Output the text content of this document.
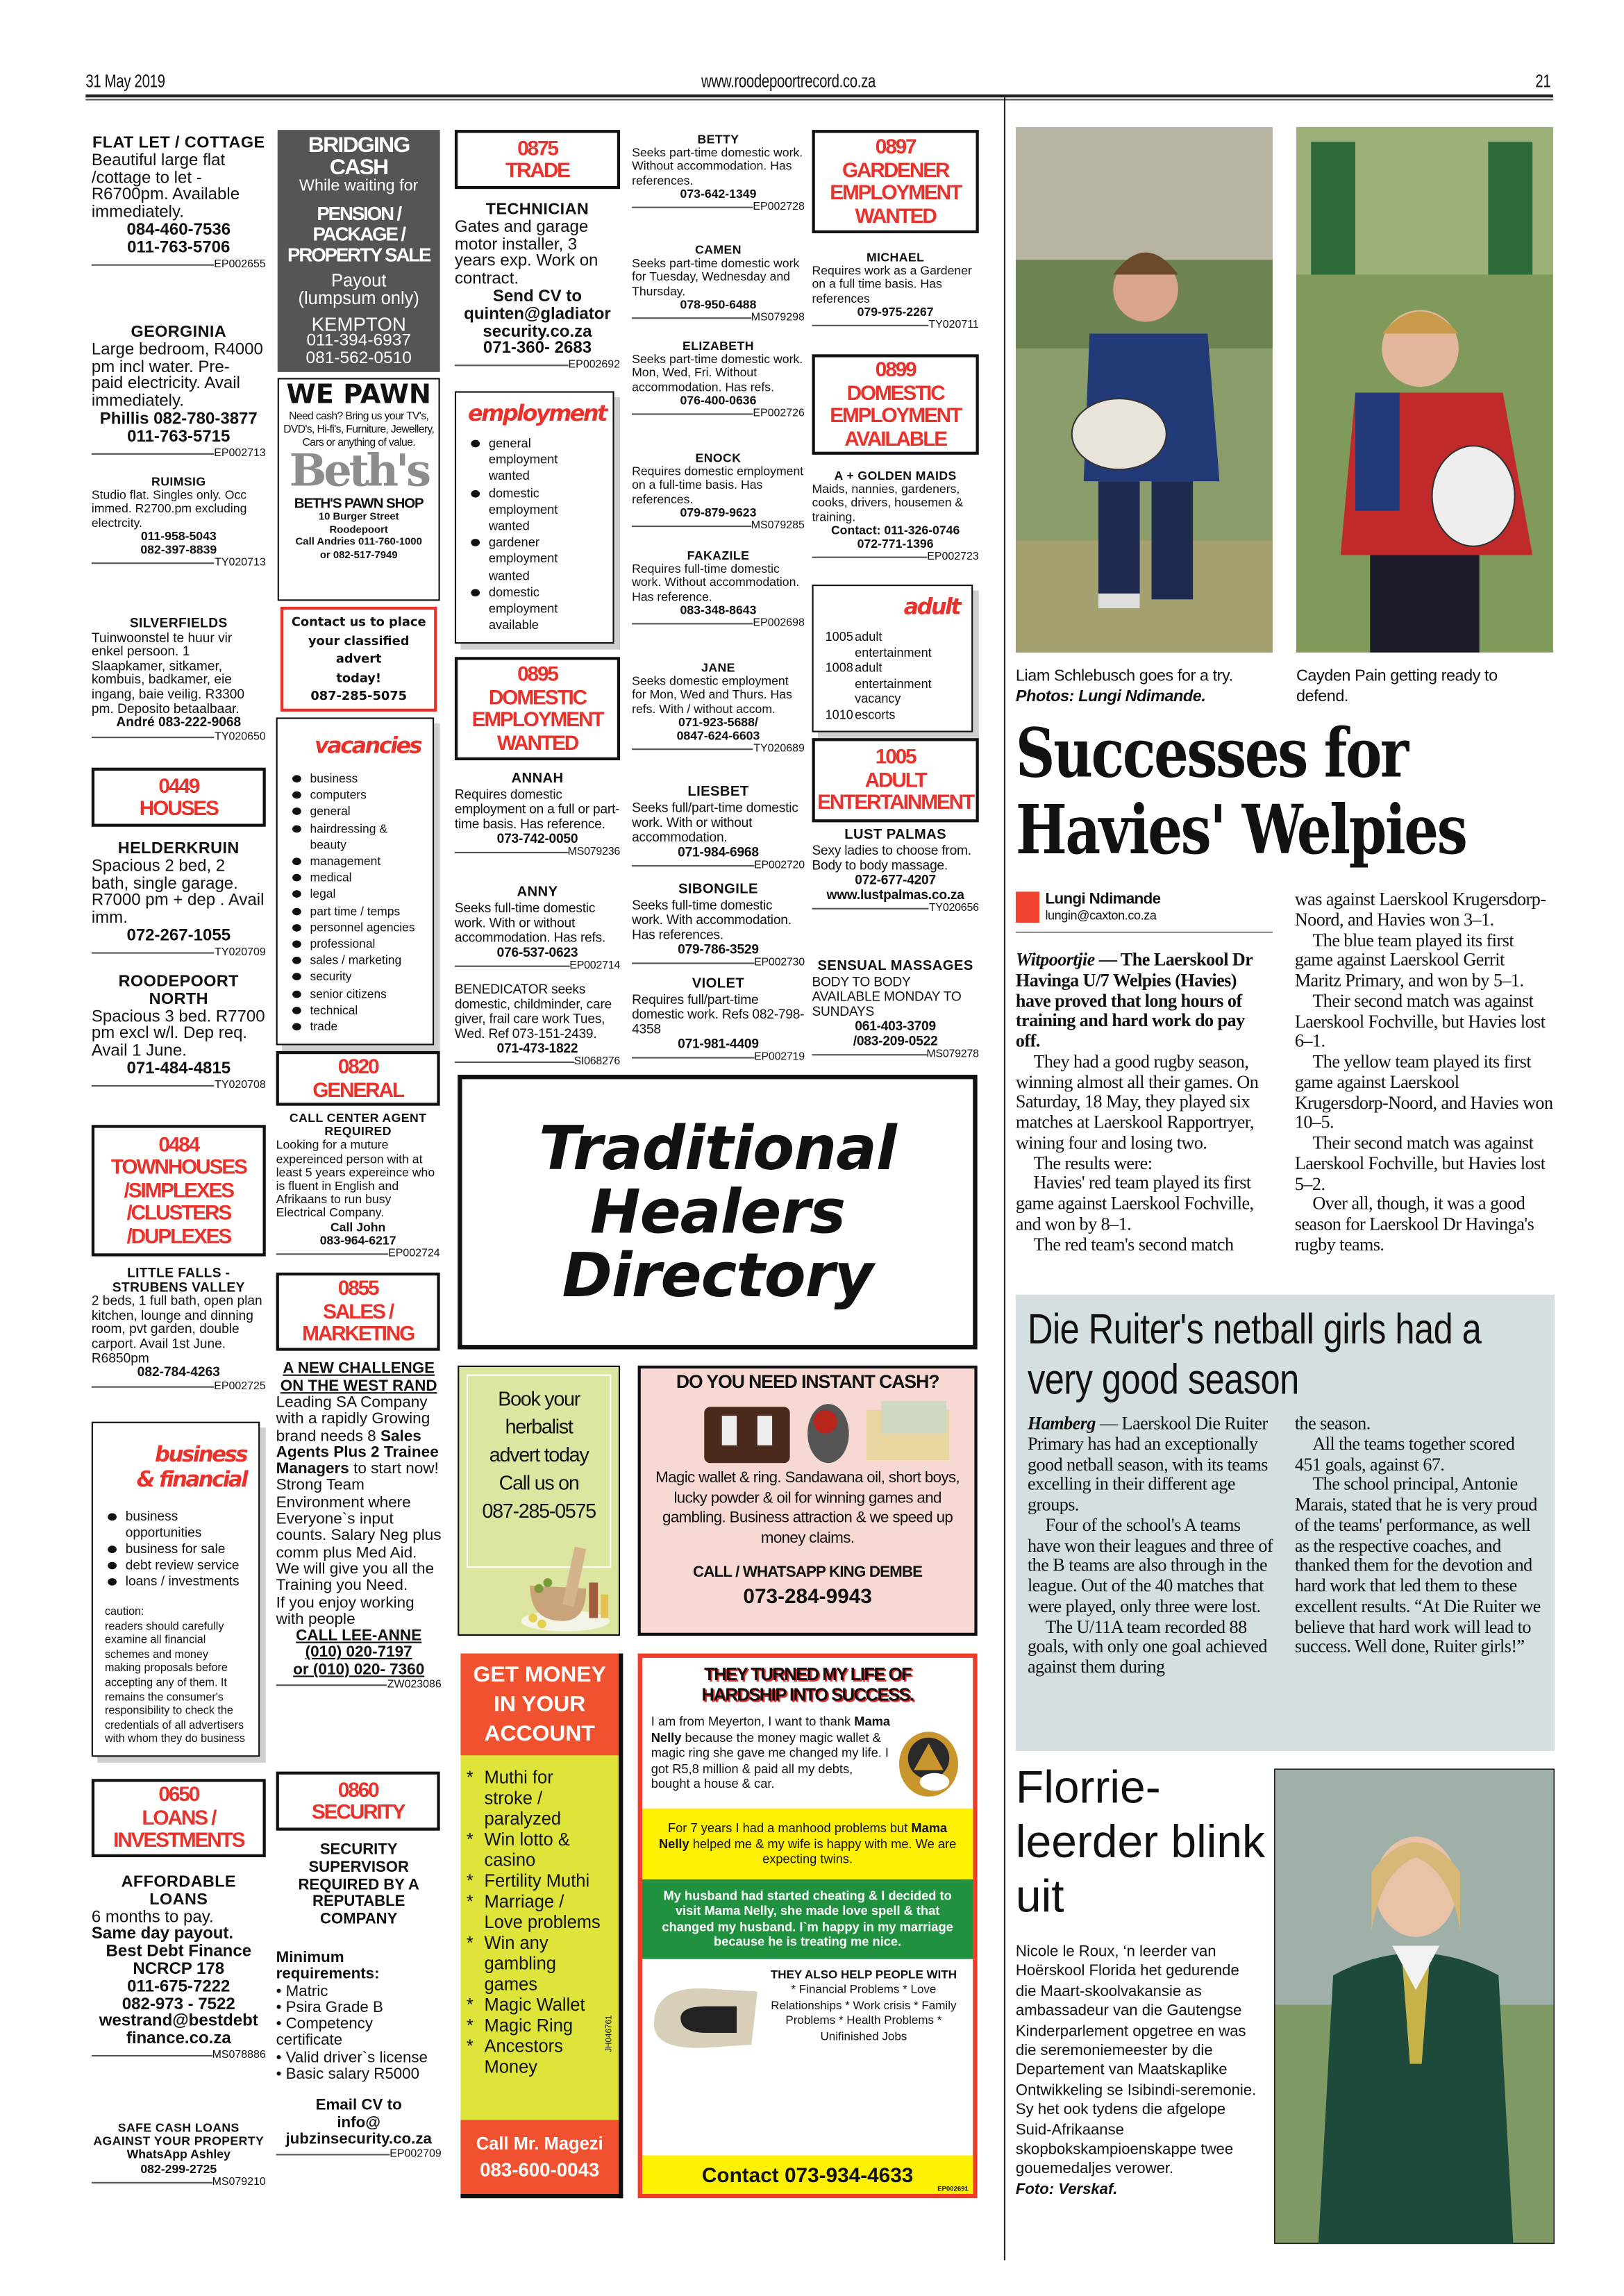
31 May 2019	www.roodepoortrecord.co.za	21
FLAT LET / COTTAGE
Beautiful large flat /cottage to let - R6700pm. Available immediately.
084-460-7536
011-763-5706
EP002655
GEORGINIA
Large bedroom, R4000 pm incl water. Pre- paid electricity. Avail immediately.
Phillis 082-780-3877
011-763-5715
EP002713
RUIMSIG
Studio flat. Singles only. Occ immed. R2700.pm excluding electrcity.
011-958-5043
082-397-8839
TY020713
SILVERFIELDS
Tuinwoonstel te huur vir enkel persoon. 1 Slaapkamer, sitkamer, kombuis, badkamer, eie ingang, baie veilig. R3300 pm. Deposito betaalbaar.
André 083-222-9068
TY020650
0449
HOUSES
HELDERKRUIN
Spacious 2 bed, 2 bath, single garage. R7000 pm + dep . Avail imm.
072-267-1055
TY020709
ROODEPOORT NORTH
Spacious 3 bed. R7700 pm excl w/l. Dep req. Avail 1 June.
071-484-4815
TY020708
0484
TOWNHOUSES
/SIMPLEXES
/CLUSTERS
/DUPLEXES
LITTLE FALLS - STRUBENS VALLEY
2 beds, 1 full bath, open plan kitchen, lounge and dinning room, pvt garden, double carport. Avail 1st June. R6850pm
082-784-4263
EP002725
business & financial
business opportunities
business for sale
debt review service
loans / investments
caution:
readers should carefully examine all financial schemes and money making proposals before accepting any of them. It remains the consumer's responsibility to check the credentials of all advertisers with whom they do business
0650
LOANS /
INVESTMENTS
AFFORDABLE LOANS
6 months to pay.
Same day payout.
Best Debt Finance
NCRCP 178
011-675-7222
082-973 - 7522
westrand@bestdebt finance.co.za
MS078886
SAFE CASH LOANS AGAINST YOUR PROPERTY
WhatsApp Ashley
082-299-2725
MS079210
vacancies
business
computers
general
hairdressing & beauty
management
medical
legal
part time / temps
personnel agencies
professional
sales / marketing
security
senior citizens
technical
trade
0820
GENERAL
CALL CENTER AGENT REQUIRED
Looking for a muture expereinced person with at least 5 years expereince who is fluent in English and Afrikaans to run busy Electrical Company.
Call John
083-964-6217
EP002724
0855
SALES / MARKETING
0860
SECURITY
0875
TRADE
TECHNICIAN
Gates and garage motor installer, 3 years exp. Work on contract.
Send CV to
quinten@gladiator security.co.za
071-360- 2683
EP002692
employment
general employment wanted
domestic employment wanted
gardener employment wanted
domestic employment available
0895
DOMESTIC
EMPLOYMENT
WANTED
ANNAH
Requires domestic employment on a full or part-time basis. Has reference.
073-742-0050
MS079236
ANNY
Seeks full-time domestic work. With or without accommodation. Has refs.
076-537-0623
EP002714
BENEDICATOR seeks domestic, childminder, care giver, frail care work Tues, Wed. Ref 073-151-2439.
071-473-1822
SI068276
BETTY
Seeks part-time domestic work. Without accommodation. Has references.
073-642-1349
EP002728
CAMEN
Seeks part-time domestic work for Tuesday, Wednesday and Thursday.
078-950-6488
MS079298
ELIZABETH
Seeks part-time domestic work. Mon, Wed, Fri. Without accommodation. Has refs.
076-400-0636
EP002726
ENOCK
Requires domestic employment on a full-time basis. Has references.
079-879-9623
MS079285
FAKAZILE
Requires full-time domestic work. Without accommodation. Has reference.
083-348-8643
EP002698
JANE
Seeks domestic employment for Mon, Wed and Thurs. Has refs. With / without accom.
071-923-5688/
0847-624-6603
TY020689
LIESBET
Seeks full/part-time domestic work. With or without accommodation.
071-984-6968
EP002720
SIBONGILE
Seeks full-time domestic work. With accommodation. Has references.
079-786-3529
EP002730
VIOLET
Requires full/part-time domestic work. Refs 082-798- 4358
071-981-4409
EP002719
0897
GARDENER
EMPLOYMENT
WANTED
MICHAEL
Requires work as a Gardener on a full time basis. Has references
079-975-2267
TY020711
0899
DOMESTIC
EMPLOYMENT
AVAILABLE
A + GOLDEN MAIDS
Maids, nannies, gardeners, cooks, drivers, housemen & training.
Contact: 011-326-0746
072-771-1396
EP002723
adult
1005 adult entertainment
1008 adult entertainment vacancy
1010 escorts
1005
ADULT
ENTERTAINMENT
LUST PALMAS
Sexy ladies to choose from. Body to body massage.
072-677-4207
www.lustpalmas.co.za
TY020656
SENSUAL MASSAGES
BODY TO BODY AVAILABLE MONDAY TO SUNDAYS
061-403-3709
/083-209-0522
MS079278
BRIDGING CASH
While waiting for
PENSION / PACKAGE /
PROPERTY SALE
Payout
(lumpsum only)
KEMPTON
011-394-6937
081-562-0510
WE PAWN
Need cash? Bring us your TV's, DVD's, Hi-fi's, Furniture, Jewellery, Cars or anything of value.
Beth's
BETH'S PAWN SHOP
10 Burger Street
Roodepoort
Call Andries 011-760-1000
or 082-517-7949
Contact us to place
your classified advert
today!
087-285-5075
A NEW CHALLENGE ON THE WEST RAND
Leading SA Company with a rapidly Growing brand needs 8 Sales Agents Plus 2 Trainee Managers to start now! Strong Team Environment where Everyone`s input counts. Salary Neg plus comm plus Med Aid. We will give you all the Training you Need.
If you enjoy working with people
CALL LEE-ANNE
(010) 020-7197
or (010) 020- 7360
ZW023086
SECURITY SUPERVISOR REQUIRED BY A REPUTABLE COMPANY
Minimum requirements:
• Matric
• Psira Grade B
• Competency certificate
• Valid driver`s license
• Basic salary R5000
Email CV to
info@
jubzinsecurity.co.za
EP002709
Traditional
Healers
Directory
Book your
herbalist
advert today
Call us on
087-285-0575
DO YOU NEED INSTANT CASH?
Magic wallet & ring. Sandawana oil, short boys, lucky powder & oil for winning games and gambling. Business attraction & we speed up money claims.
CALL / WHATSAPP KING DEMBE
073-284-9943
GET MONEY
IN YOUR
ACCOUNT
* Muthi for stroke / paralyzed
* Win lotto & casino
* Fertility Muthi
* Marriage / Love problems
* Win any gambling games
* Magic Wallet
* Magic Ring
* Ancestors Money
JH046761
Call Mr. Magezi
083-600-0043
THEY TURNED MY LIFE OF
HARDSHIP INTO SUCCESS.
I am from Meyerton, I want to thank Mama Nelly because the money magic wallet & magic ring she gave me changed my life. I got R5,8 million & paid all my debts, bought a house & car.
For 7 years I had a manhood problems but Mama Nelly helped me & my wife is happy with me. We are expecting twins.
My husband had started cheating & I decided to visit Mama Nelly, she made love spell & that changed my husband. I`m happy in my marriage because he is treating me nice.
THEY ALSO HELP PEOPLE WITH
* Financial Problems * Love Relationships * Work crisis * Family Problems * Health Problems * Unifinished Jobs
Contact 073-934-4633
EP002691
Liam Schlebusch goes for a try.
Photos: Lungi Ndimande.
Cayden Pain getting ready to defend.
Successes for Havies' Welpies
Lungi Ndimande
lungin@caxton.co.za

Witpoortjie — The Laerskool Dr Havinga U/7 Welpies (Havies) have proved that long hours of training and hard work do pay off.

They had a good rugby season, winning almost all their games. On Saturday, 18 May, they played six matches at Laerskool Rapportryer, wining four and losing two.

The results were:

Havies' red team played its first game against Laerskool Fochville, and won by 8–1.

The red team's second match

was against Laerskool Krugersdorp-Noord, and Havies won 3–1.

The blue team played its first game against Laerskool Gerrit Maritz Primary, and won by 5–1.

Their second match was against Laerskool Fochville, but Havies lost 6–1.

The yellow team played its first game against Laerskool Krugersdorp-Noord, and Havies won 10–5.

Their second match was against Laerskool Fochville, but Havies lost 5–2.

Over all, though, it was a good season for Laerskool Dr Havinga's rugby teams.

Die Ruiter's netball girls had a very good season

Hamberg — Laerskool Die Ruiter Primary has had an exceptionally good netball season, with its teams excelling in their different age groups.

Four of the school's A teams have won their leagues and three of the B teams are also through in the league. Out of the 40 matches that were played, only three were lost.

The U/11A team recorded 88 goals, with only one goal achieved against them during

the season.

All the teams together scored 451 goals, against 67.

The school principal, Antonie Marais, stated that he is very proud of the teams' performance, as well as the respective coaches, and thanked them for the devotion and hard work that led them to these excellent results. “At Die Ruiter we believe that hard work will lead to success. Well done, Ruiter girls!”

Florrie-leerder blink uit
Nicole le Roux, ‘n leerder van Hoërskool Florida het gedurende die Maart-skoolvakansie as ambassadeur van die Gautengse Kinderparlement opgetree en was die seremoniemeester by die Departement van Maatskaplike Ontwikkeling se Isibindi-seremonie. Sy het ook tydens die afgelope Suid-Afrikaanse skopbokskampioenskappe twee gouemedaljes verower.
Foto: Verskaf.
